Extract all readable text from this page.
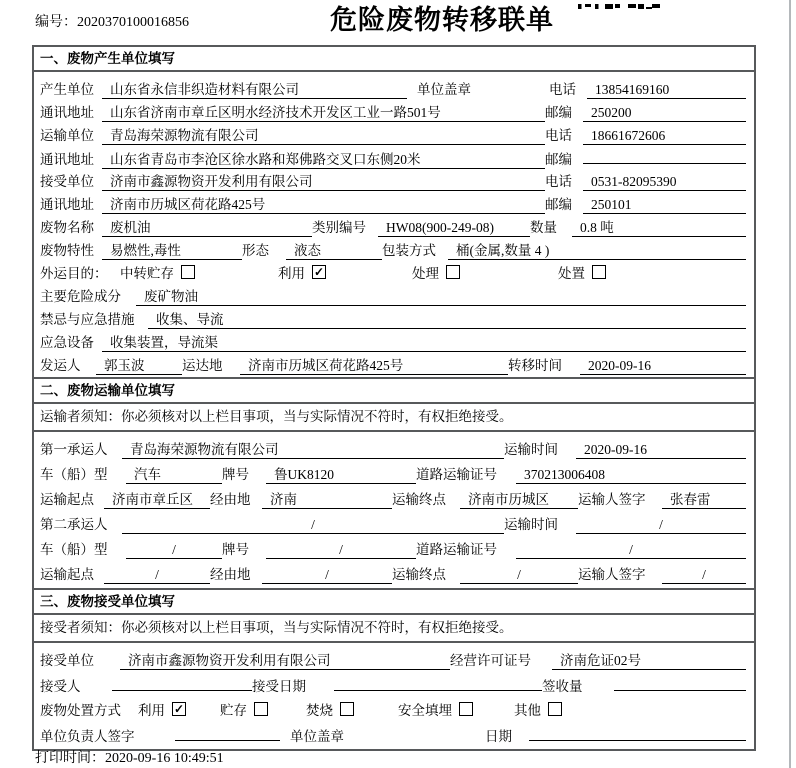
编号：2020370100016856	危险废物转移联单
一、废物产生单位填写
产生单位	山东省永信非织造材料有限公司	单位盖章	电话	13854169160
通讯地址	山东省济南市章丘区明水经济技术开发区工业一路501号	邮编	250200
运输单位	青岛海荣源物流有限公司	电话	18661672606
通讯地址	山东省青岛市李沧区徐水路和郑佛路交叉口东侧20米	邮编
接受单位	济南市鑫源物资开发利用有限公司	电话	0531-82095390
通讯地址	济南市历城区荷花路425号	邮编	250101
废物名称	废机油	类别编号	HW08(900-249-08)	数量	0.8 吨
废物特性	易燃性,毒性	形态	液态	包装方式	桶(金属,数量 4 )
外运目的： 中转贮存	利用 ✓	处理	处置
主要危险成分	废矿物油
禁忌与应急措施	收集、导流
应急设备	收集装置，导流渠
发运人	郭玉波	运达地	济南市历城区荷花路425号	转移时间	2020-09-16
二、废物运输单位填写
运输者须知：你必须核对以上栏目事项，当与实际情况不符时，有权拒绝接受。
第一承运人	青岛海荣源物流有限公司	运输时间	2020-09-16
车（船）型	汽车	牌号	鲁UK8120	道路运输证号	370213006408
运输起点	济南市章丘区	经由地	济南	运输终点	济南市历城区	运输人签字	张春雷
第二承运人	/	运输时间	/
车（船）型	/	牌号	/	道路运输证号	/
运输起点	/	经由地	/	运输终点	/	运输人签字	/
三、废物接受单位填写
接受者须知：你必须核对以上栏目事项，当与实际情况不符时，有权拒绝接受。
接受单位	济南市鑫源物资开发利用有限公司	经营许可证号	济南危证02号
接受人	接受日期	签收量
废物处置方式	利用 ✓	贮存	焚烧	安全填埋	其他
单位负责人签字	单位盖章	日期
打印时间：2020-09-16 10:49:51
